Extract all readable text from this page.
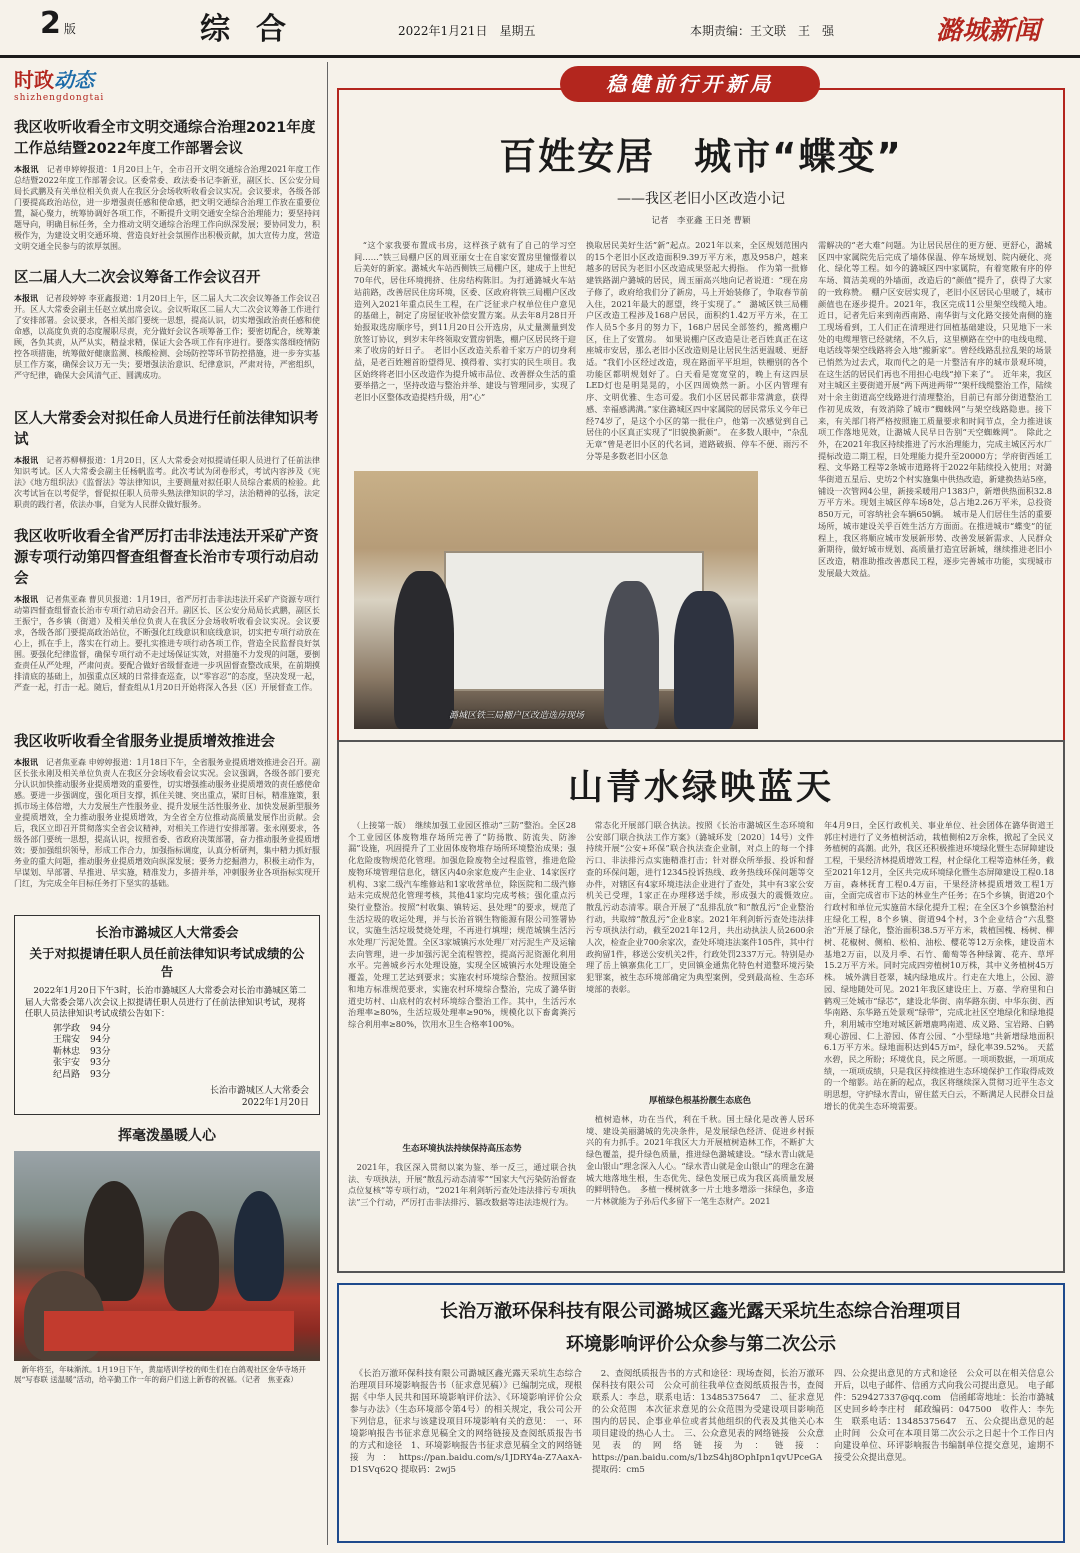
2 版	综合	2022年1月21日　星期五	本期责编：王文联　王　强	潞城新闻
时政动态
shizhengdongtai
我区收听收看全市文明交通综合治理2021年度工作总结暨2022年度工作部署会议
本报讯　记者申婷婷报道：1月20日上午，全市召开文明交通综合治理2021年度工作总结暨2022年度工作部署会议。区委常委、政法委书记李新亚，副区长、区公安分局局长武鹏及有关单位相关负责人在我区分会场收听收看会议实况。会议要求，各级各部门要提高政治站位，进一步增强责任感和使命感，把文明交通综合治理工作放在重要位置，凝心聚力，统筹协调好各项工作，不断提升文明交通安全综合治理能力；要坚持问题导向，明确目标任务，全力推动文明交通综合治理工作向纵深发展；要协同发力，积极作为，为建设文明交通环境、营造良好社会氛围作出积极贡献，加大宣传力度，营造文明交通全民参与的浓厚氛围。
区二届人大二次会议筹备工作会议召开
本报讯　记者段婷婷 李亚鑫报道：1月20日上午，区二届人大二次会议筹备工作会议召开。区人大常委会副主任赵立斌出席会议。会议听取区二届人大二次会议筹备工作进行了安排部署。会议要求，各相关部门要统一思想，提高认识，切实增强政治责任感和使命感，以高度负责的态度履职尽责，充分做好会议各项筹备工作；要密切配合，统筹兼顾，各负其责，从严从实，精益求精，保证大会各项工作有序进行。要落实落细疫情防控各项措施，统筹做好健康监测、核酸检测、会场防控等环节防控措施，进一步夯实基层工作方案，确保会议万无一失；要增强法治意识、纪律意识，严肃对待，严密组织，严守纪律，确保大会风清气正、圆满成功。
区人大常委会对拟任命人员进行任前法律知识考试
本报讯　记者苏柳柳报道：1月20日，区人大常委会对拟提请任职人员进行了任前法律知识考试。区人大常委会副主任杨帆监考。此次考试为闭卷形式，考试内容涉及《宪法》《地方组织法》《监督法》等法律知识，主要测量对拟任职人员综合素质的检验。此次考试旨在以考促学，督促拟任职人员带头熟法律知识的学习，法治精神的弘扬，法定职责的践行者，依法办事，自觉为人民群众做好服务。
我区收听收看全省严厉打击非法违法开采矿产资源专项行动第四督查组督查长治市专项行动启动会
本报讯　记者焦亚森 曹贝贝报道：1月19日，省严厉打击非法违法开采矿产资源专项行动第四督查组督查长治市专项行动启动会召开。副区长、区公安分局局长武鹏，副区长王振宁，各乡镇（街道）及相关单位负责人在我区分会场收听收看会议实况。会议要求，各级各部门要提高政治站位，不断强化红线意识和底线意识，切实把专项行动放在心上，抓在手上，落实在行动上。要扎实推进专项行动各项工作，营造全民监督良好氛围。要强化纪律监督，确保专项行动不走过场保证实效，对措施不力发现的问题，要倒查责任从严处理，严肃问责。要配合做好省级督查进一步巩固督查整改成果，在前期摸排清底的基础上，加强重点区域的日常排查巡查，以“零容忍”的态度，坚决发现一起，严查一起，打击一起。随后，督查组从1月20日开始将深入各县（区）开展督查工作。
我区收听收看全省服务业提质增效推进会
本报讯　记者焦亚森 申婷婷报道：1月18日下午，全省服务业提质增效推进会召开。副区长张永刚及相关单位负责人在我区分会场收看会议实况。会议强调，各级各部门要充分认识加快推动服务业提质增效的重要性，切实增强推动服务业提质增效的责任感使命感。要进一步强调度，强化项目支撑，抓住关键、突出重点，紧盯目标，精准施策，狠抓市场主体倍增，大力发展生产性服务业、提升发展生活性服务业、加快发展新型服务业提质增效，全力推动服务业提质增效，为全省全方位推动高质量发展作出贡献。会后，我区立即召开贯彻落实全省会议精神，对相关工作进行安排部署。张永刚要求，各级各部门要统一思想，提高认识，按照省委、省政府决策部署，奋力推动服务业提质增效；要加强组织领导，形成工作合力，加强指标调度，认真分析研判，集中精力抓好服务业的重大问题，推动服务业提质增效向纵深发展；要务力挖掘潜力，积极主动作为，早谋划、早部署、早推进、早实施，精准发力，多措并举，冲刺服务业各项指标实现开门红，为完成全年目标任务打下坚实的基础。
长治市潞城区人大常委会
关于对拟提请任职人员任前法律知识考试成绩的公告
　2022年1月20日下午3时，长治市潞城区人大常委会对长治市潞城区第二届人大常委会第八次会议上拟提请任职人员进行了任前法律知识考试，现将任职人员法律知识考试成绩公告如下：
郭学政	94分
王瑞安	94分
靳林忠	93分
张宇安	93分
纪昌路	93分
长治市潞城区人大常委会
2022年1月20日
挥毫泼墨暖人心
　新年将至，年味渐浓。1月19日下午，黄崖塔训学校的师生们在白鸽观社区金华寺场开展“写春联 送温暖”活动，给辛勤工作一年的商户们送上新春的祝福。（记者　焦亚森）
稳健前行开新局
百姓安居　城市“蝶变”
——我区老旧小区改造小记
记者　李亚鑫 王日尧 曹颖
　“这个家我要布置成书房，这样孩子就有了自己的学习空间……”铁三局棚户区的周亚丽女士在自家安置房里憧憬着以后美好的新家。潞城火车站西侧铁三局棚户区，建成于上世纪70年代，居住环境拥挤、住房结构陈旧。为打通潞城火车站站前路，改善居民住房环境，区委、区政府将铁三局棚户区改造列入2021年重点民生工程，在广泛征求户权单位住户意见的基础上，制定了房屋征收补偿安置方案。从去年8月28日开始报取选房顺序号，到11月20日公开选房，从丈量测量到发放签订协议，到岁末年终领取安置房钥匙，棚户区居民终于迎来了收房的好日子。　老旧小区改造关系着千家万户的切身利益，是老百姓翘首盼望得见、摸得着、实打实的民生项目。我区始终将老旧小区改造作为提升城市品位、改善群众生活的重要举措之一，坚持改造与整治并举、建设与管理同步，实现了老旧小区整体改造提档升级，用“心”
换取居民美好生活”新”起点。2021年以来，全区规划范围内的15个老旧小区改造面积9.39万平方米，惠及958户，越来越多的居民为老旧小区改造成果竖起大拇指。　作为第一批修建铁路湖户潞城的居民，周玉丽高兴地向记者说道：“现在房子修了，政府给我们分了新房，马上开始装修了，争取春节前入住，2021年最大的愿望，终于实现了。”　潞城区铁三局棚户区改造工程涉及168户居民，面积约1.42万平方米，在工作人员5个多月的努力下，168户居民全部签约，搬离棚户区，住上了安置房。　如果说棚户区改造是让老百姓真正在这座城市安居，那么老旧小区改造则是让居民生活更温暖、更舒适。“我们小区经过改造，现在路面平平坦坦，铁栅别的各个功能区都明规划好了。白天看是宽宽堂的，晚上有这四层LED灯也是明晃晃的，小区四周焕然一新。小区内管理有序、文明优雅、生态可爱。我们小区居民都非常满意，获得感、幸福感满满。”家住潞城区四中家属院的居民常乐义今年已经74岁了，是这个小区的第一批住户，他第一次感觉到自己居住的小区真正实现了“旧貌换新颜”。　在多数人眼中，“杂乱无章”曾是老旧小区的代名词，道路破损、停车不便、雨污不分等是多数老旧小区急
需解决的“老大难”问题。为让居民居住的更方便、更舒心，潞城区四中家属院先后完成了墙体保温、停车场规划、院内硬化、亮化、绿化等工程。如今的潞城区四中家属院，有着宽敞有序的停车场、简洁美观的外墙面，改造后的“颜值”提升了，获得了大家的一致称赞。　棚户区安居实现了，老旧小区居民心里暖了，城市颜值也在逐步提升。2021年，我区完成11公里架空线缆入地。近日，记者先后来到南西南路、南华街与文化路交接处南侧的施工现场看到，工人们正在清理进行回植基础建设，只见地下一米处的电缆埋管已经就绪，不久后，这里横路在空中的电线电缆、电话线等架空线路将会入地“搬新家”。曾经线路乱拉乱架的场景已悄然为过去式，取而代之的是一片整洁有序的城市景观环境，在这生活的居民们再也不用担心电线“掉下来了”。　近年来，我区对主城区主要街道开展“两下两进两带”“架杆线缆整治工作，陆续对十余主街道高空线路进行清理整治，目前已有部分街道整治工作初见成效，有效消除了城市“蜘蛛网”与架空线路隐患。接下来，有关部门将严格按照施工质量要求和时间节点，全力推进该项工作落地见效，让潞城人民早日告别“天空蜘蛛网”。　除此之外，在2021年我区持续推进了污水治理能力，完成主城区污水厂提标改造二期工程，日处理能力提升至20000方；学府街西延工程、文华路工程等2条城市道路将于2022年陆续投入使用；对潞华街道五星后、史坊2个村实施集中供热改造，新建换热站5座，铺设一次管网4公里，新接采暖用户1383户，新增供热面积32.8万平方米。现划主城区停车场8处，总占地2.26万平米，总投资850万元，可容纳社会车辆650辆。　城市是人们居住生活的重要场所，城市建设关乎百姓生活方方面面。在推进城市“蝶变”的征程上，我区将顺应城市发展新形势、改善发展新需求、人民群众新期待，做好城市规划、高质量打造宜居新城，继续推进老旧小区改造，精准助推改善惠民工程，逐步完善城市功能，实现城市发展最大效益。
潞城区铁三局棚户区改造选房现场
山青水绿映蓝天
　（上接第一版）　继续加强工业园区推动“三防”整治。全区28个工业园区体废物堆存场所完善了“防扬散、防流失、防渗漏”设施，巩固提升了工业固体废物堆存场所环境整治成果；强化危险废物规范化管理。加强危险废物全过程监管，推进危险废物环境管理信息化，辖区内40余家危废产生企业、14家医疗机构、3家二级汽车维修站和1家收营单位，除医院和二级汽修站未完成规范化管理考核，其他41家均完成考核；强化重点污染行业整治。按照“村收集、镇转运、县处理”的要求，规范了生活垃圾的收运处理，并与长治首钢生物能源有限公司签署协议，实施生活垃圾焚烧处理，不再进行填埋；规范城镇生活污水处理厂污泥处置。全区3家城镇污水处理厂对污泥生产及运输去向管理，进一步加强污泥全流程管控，提高污泥资源化利用水平。完善城乡污水处理设施，实现全区城镇污水处理设施全覆盖，处理工艺达到要求；实施农村环境综合整治。按照国家和地方标准规范要求，实施农村环境综合整治，完成了潞华街道史坊村、山底村的农村环境综合整治工作。其中，生活污水治理率≥80%，生活垃圾处理率≥90%，规模化以下畜禽粪污综合利用率≥80%，饮用水卫生合格率100%。
生态环境执法持续保持高压态势
　2021年，我区深入贯彻以案为鉴、举一反三，通过联合执法、专项执法，开展“散乱污动态清零”“国家大气污染防治督查点位复核”等专项行动，“2021年利剑斩污查处违法排污专项执法”三个行动，严厉打击非法排污、篡改数据等违法违规行为。
　常态化开展部门联合执法。按照《长治市潞城区生态环境和公安部门联合执法工作方案》（潞城环发〔2020〕14号）文件持续开展“公安+环保”联合执法查企业制，对点上的每一个排污口、非法排污点实施精准打击；针对群众所举报、投诉和督查的环保问题，进行12345投诉热线、政务热线环保问题等交办件，对辖区有4家环境违法企业进行了查处，其中有3家公安机关已受理，1家正在办理移送手续，形成强大的震慑效应。　散乱污动态清零。联合开展了“乱排乱放”和“散乱污”企业整治行动，共取缔“散乱污”企业8家。2021年利剑斩污查处违法排污专项执法行动，截至2021年12月，共出动执法人员2600余人次，检查企业700余家次，查处环境违法案件105件，其中行政拘留1件，移送公安机关2件，行政处罚2337万元。特别是办理了岳上镇寨焦化工厂，史回镇金通焦化特色村道整环境污染犯罪案，被生态环境部确定为典型案例，受到最高检、生态环境部的表彰。
厚植绿色根基扮靓生态底色
　植树造林，功在当代，利在千秋。国土绿化是改善人居环境、建设美丽潞城的先决条件，是发展绿色经济、促进乡村振兴的有力抓手。2021年我区大力开展植树造林工作，不断扩大绿色覆盖，提升绿色质量，推进绿色潞城建设。“绿水青山就是金山银山”理念深入人心。“绿水青山就是金山银山”的理念在潞城大地落地生根，生态优先、绿色发展已成为我区高质量发展的鲜明特色。　多植一棵树就多一片土地多增添一抹绿色，多造一片林就能为子孙后代多留下一笔生态财产。2021
年4月9日，全区行政机关、事业单位、社会团体在潞华街道王郭庄村进行了义务植树活动，栽植侧柏2万余株，掀起了全民义务植树的高潮。此外，我区还积极推进环境绿化暨生态屏障建设工程，干果经济林提质增效工程，村企绿化工程等造林任务，截至2021年12月，全区共完成环境绿化暨生态屏障建设工程0.18万亩，森林抚育工程0.4万亩，干果经济林提质增效工程1万亩，全面完成省市下达的林业生产任务；在5个乡镇，街道20个行政村和单位元实施苗木绿化提升工程；在全区3个乡镇整治村庄绿化工程，8个乡镇、街道94个村，3个企业结合“六乱整治”开展了绿化，整治面积38.5万平方米，栽植国槐、杨树、柳树、花椒树、侧柏、松柏、油松、樱花等12万余株，建设苗木基地2万亩，以及月季、石竹、葡萄等各种绿篱、花卉、草坪15.2万平方米。同时完成四旁植树10万株，其中义务植树45万株。　城外满目苍翠，城内绿地成片。行走在大地上，公园、游园、绿地随处可见。2021年我区建设庄上、万嘉、学府里和白鹤观三处城市“绿芯”，建设北华街、南华路东街、中华东街、西华南路、东华路五处景观“绿带”，完成北社区空地绿化和绿地提升，利用城市空地对城区新增鹿鸣南道、成义路、宝岩路、白鹤观心游园、仁上游园、体育公园、“小型绿地”共新增绿地面积6.1万平方米。绿地面积达到45万m²，绿化率39.52%。　天蓝水碧，民之所盼；环境优良，民之所愿。一项项数据，一项项成绩，一项项成绩，只是我区持续推进生态环境保护工作取得成效的一个缩影。站在新的起点，我区将继续深入贯彻习近平生态文明思想，守护绿水青山，留住蓝天白云，不断满足人民群众日益增长的优美生态环境需要。
长治万澈环保科技有限公司潞城区鑫光露天采坑生态综合治理项目
环境影响评价公众参与第二次公示
　《长治万澈环保科技有限公司潞城区鑫光露天采坑生态综合治理项目环境影响报告书（征求意见稿）》已编制完成，现根据《中华人民共和国环境影响评价法》、《环境影响评价公众参与办法》（生态环境部令第4号）的相关规定，我公司公开下列信息，征求与该建设项目环境影响有关的意见：　一、环境影响报告书征求意见稿全文的网络链接及查阅纸质报告书的方式和途径　1、环境影响报告书征求意见稿全文的网络链接为：https://pan.baidu.com/s/1JDRY4a-Z7AaxA-D1SVq62Q 提取码：2wj5
　2、查阅纸质报告书的方式和途径：现场查阅，长治万澈环保科技有限公司　公众可前往我单位查阅纸质报告书，查阅联系人：李总，联系电话：13485375647　二、征求意见的公众范围　本次征求意见的公众范围为受建设项目影响范围内的居民、企事业单位或者其他组织的代表及其他关心本项目建设的热心人士。　三、公众意见表的网络链接　公众意见表的网络链接为：链接：https://pan.baidu.com/s/1bzS4hj8OphIpn1qvUPceGA 提取码：cm5
四、公众提出意见的方式和途径　公众可以在相关信息公开后，以电子邮件、信函方式向我公司提出意见。　电子邮件：529427337@qq.com　信函邮寄地址：长治市潞城区史回乡岭李庄村　邮政编码：047500　收件人：李先生　联系电话：13485375647　五、公众提出意见的起止时间　公众可在本项目第二次公示之日起十个工作日内向建设单位、环评影响报告书编制单位提交意见，逾期不接受公众提出意见。
